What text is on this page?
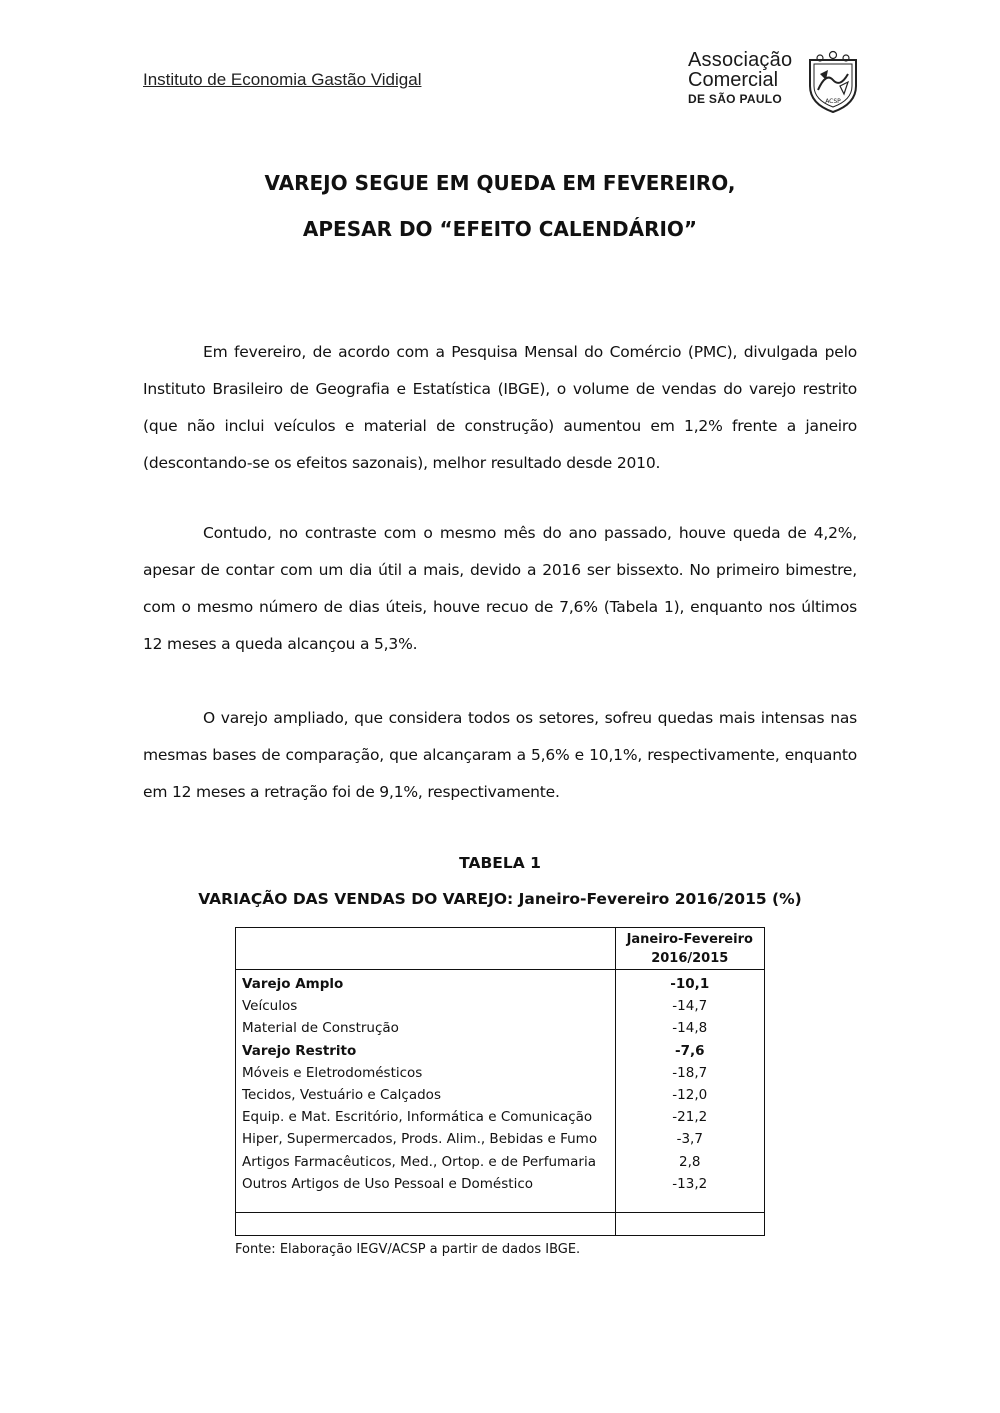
Instituto de Economia Gastão Vidigal
Associação
Comercial
DE SÃO PAULO	ACSP
VAREJO SEGUE EM QUEDA EM FEVEREIRO,
APESAR DO “EFEITO CALENDÁRIO”

Em fevereiro, de acordo com a Pesquisa Mensal do Comércio (PMC), divulgada pelo Instituto Brasileiro de Geografia e Estatística (IBGE), o volume de vendas do varejo restrito (que não inclui veículos e material de construção) aumentou em 1,2% frente a janeiro (descontando-se os efeitos sazonais), melhor resultado desde 2010.

Contudo, no contraste com o mesmo mês do ano passado, houve queda de 4,2%, apesar de contar com um dia útil a mais, devido a 2016 ser bissexto. No primeiro bimestre, com o mesmo número de dias úteis, houve recuo de 7,6% (Tabela 1), enquanto nos últimos 12 meses a queda alcançou a 5,3%.

O varejo ampliado, que considera todos os setores, sofreu quedas mais intensas nas mesmas bases de comparação, que alcançaram a 5,6% e 10,1%, respectivamente, enquanto em 12 meses a retração foi de 9,1%, respectivamente.

TABELA 1
VARIAÇÃO DAS VENDAS DO VAREJO: Janeiro-Fevereiro 2016/2015 (%)

	Janeiro-Fevereiro
2016/2015

Varejo Amplo	-10,1
Veículos	-14,7
Material de Construção	-14,8
Varejo Restrito	-7,6
Móveis e Eletrodomésticos	-18,7
Tecidos, Vestuário e Calçados	-12,0
Equip. e Mat. Escritório, Informática e Comunicação	-21,2
Hiper, Supermercados, Prods. Alim., Bebidas e Fumo	-3,7
Artigos Farmacêuticos, Med., Ortop. e de Perfumaria	2,8
Outros Artigos de Uso Pessoal e Doméstico	-13,2

Fonte: Elaboração IEGV/ACSP a partir de dados IBGE.
